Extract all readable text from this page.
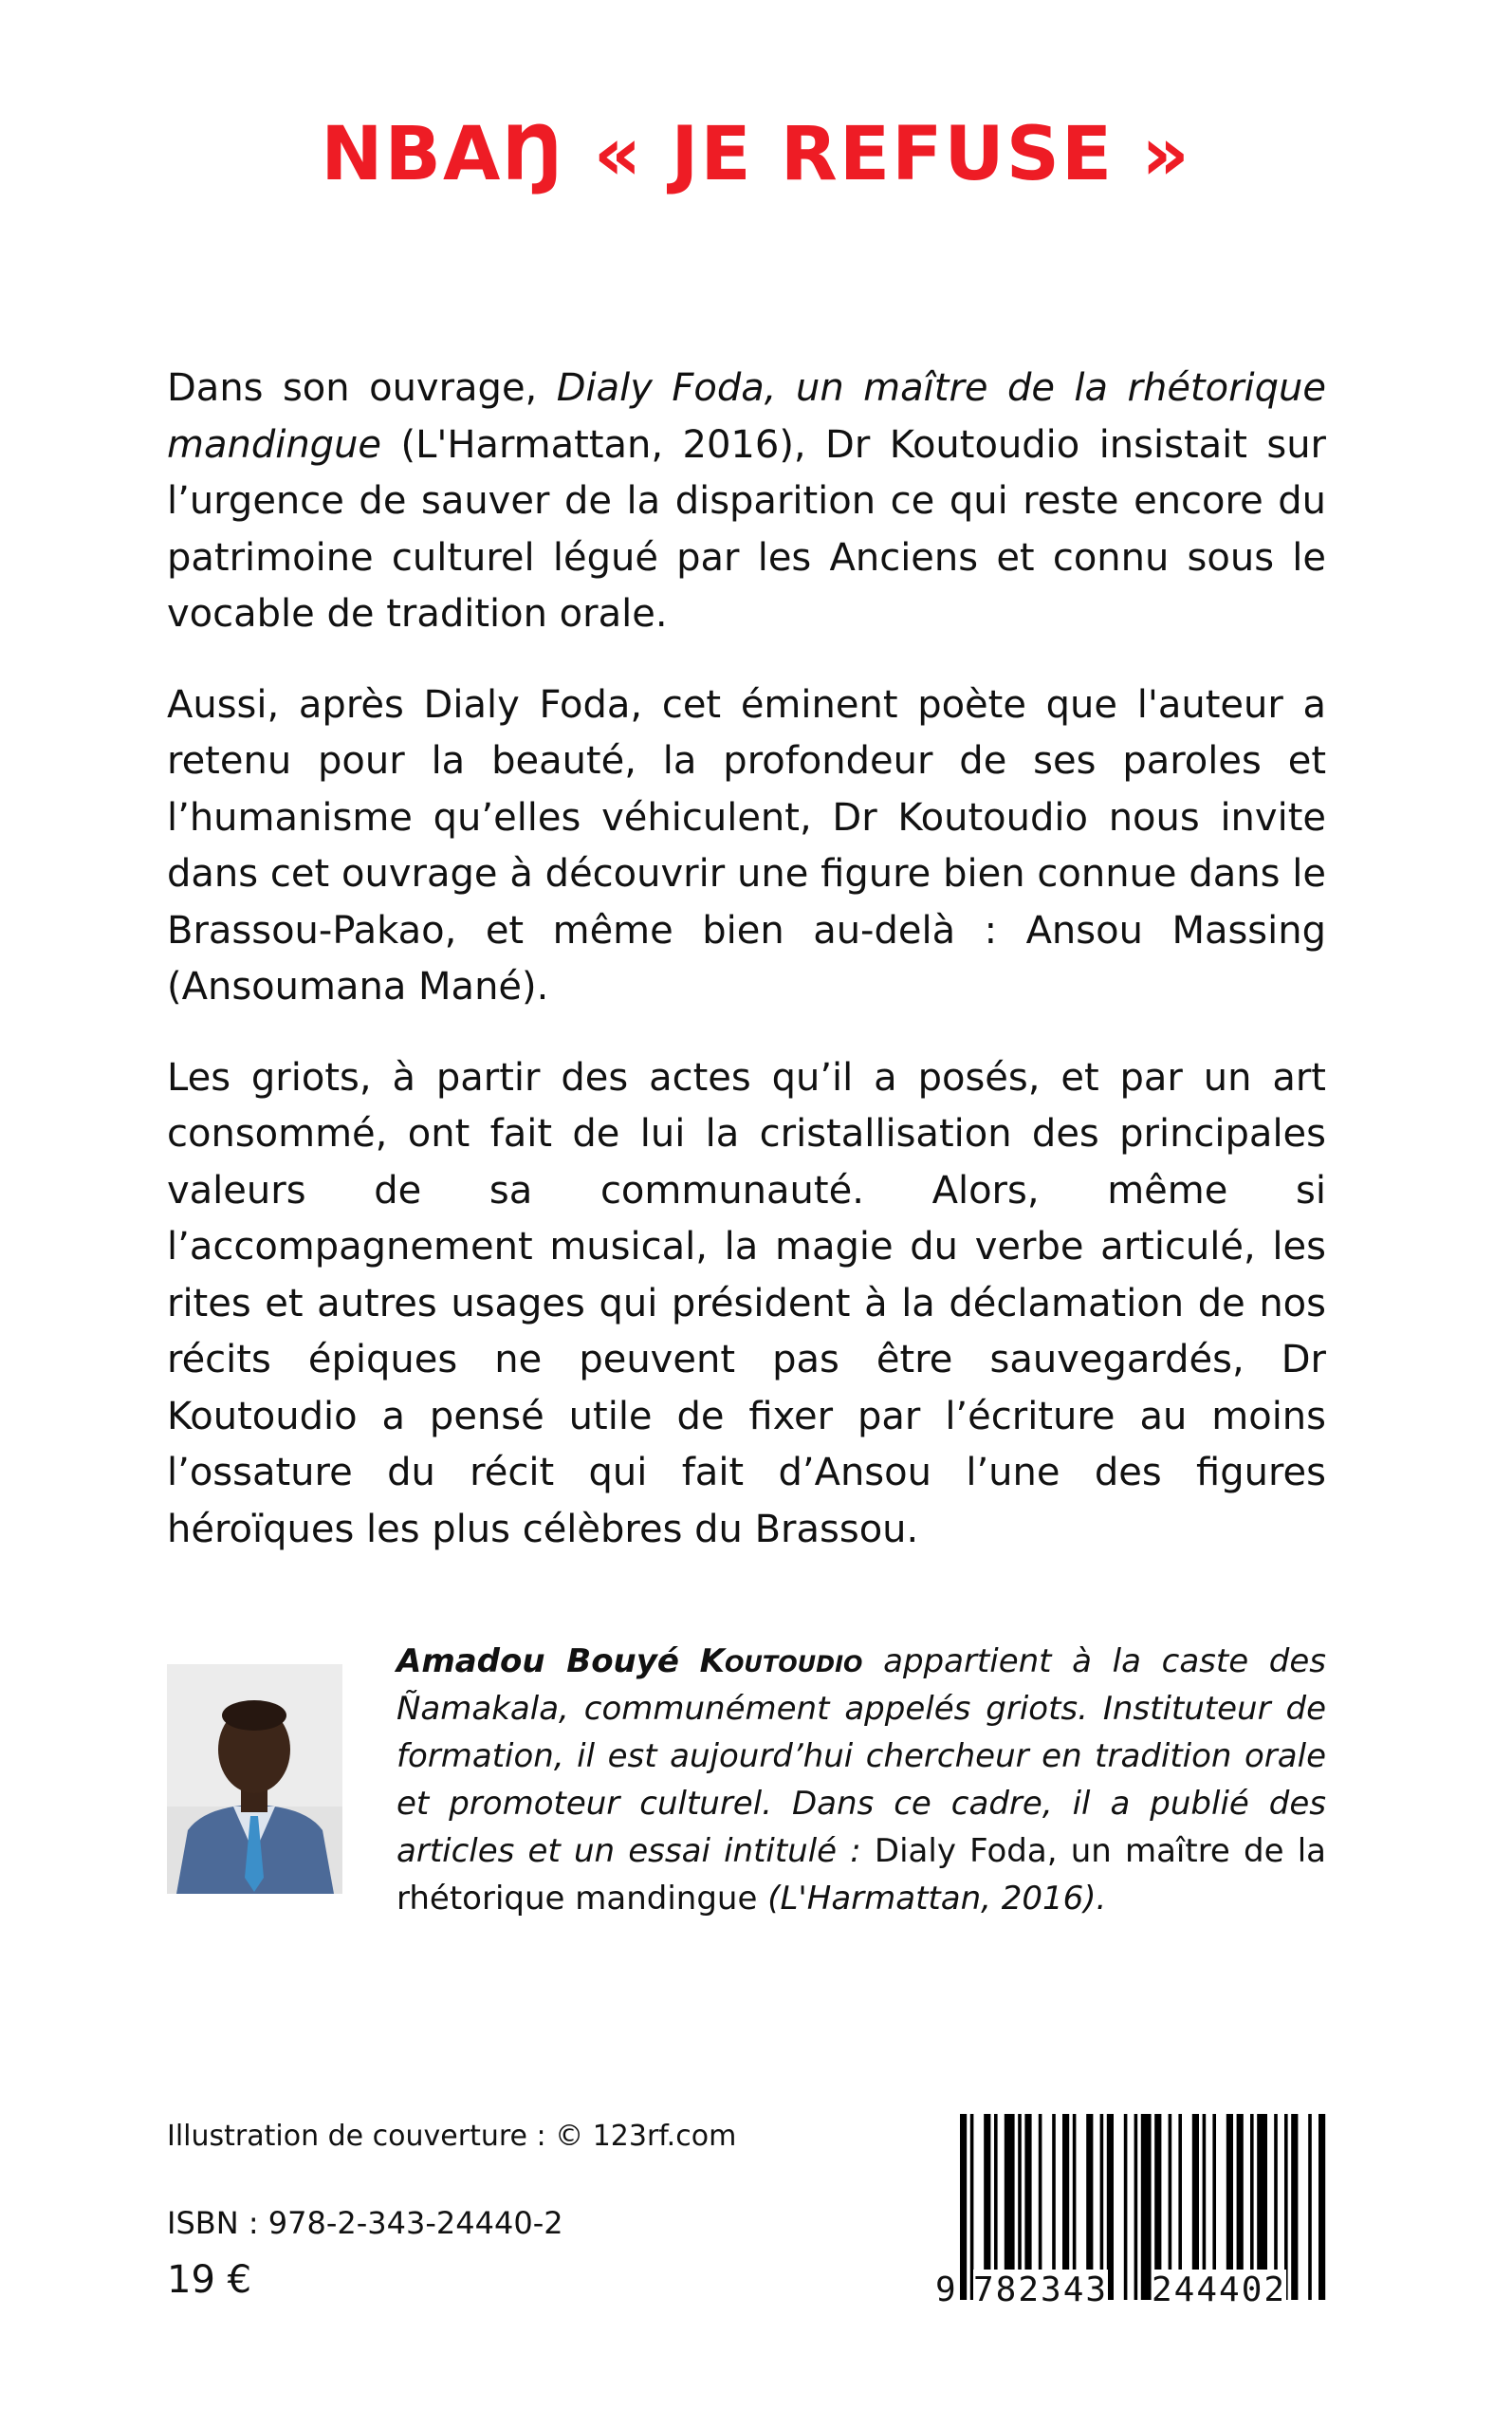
NBAŊ « JE REFUSE »

Dans son ouvrage, Dialy Foda, un maître de la rhétorique mandingue (L'Harmattan, 2016), Dr Koutoudio insistait sur l’urgence de sauver de la disparition ce qui reste encore du patrimoine culturel légué par les Anciens et connu sous le vocable de tradition orale.

Aussi, après Dialy Foda, cet éminent poète que l'auteur a retenu pour la beauté, la profondeur de ses paroles et l’humanisme qu’elles véhiculent, Dr Koutoudio nous invite dans cet ouvrage à découvrir une figure bien connue dans le Brassou-Pakao, et même bien au-delà : Ansou Massing (Ansoumana Mané).

Les griots, à partir des actes qu’il a posés, et par un art consommé, ont fait de lui la cristallisation des principales valeurs de sa communauté. Alors, même si l’accompagnement musical, la magie du verbe articulé, les rites et autres usages qui président à la déclamation de nos récits épiques ne peuvent pas être sauvegardés, Dr Koutoudio a pensé utile de fixer par l’écriture au moins l’ossature du récit qui fait d’Ansou l’une des figures héroïques les plus célèbres du Brassou.

Amadou Bouyé Koutoudio appartient à la caste des Ñamakala, communément appelés griots. Instituteur de formation, il est aujourd’hui chercheur en tradition orale et promoteur culturel. Dans ce cadre, il a publié des articles et un essai intitulé : Dialy Foda, un maître de la rhétorique mandingue (L'Harmattan, 2016).
Illustration de couverture : © 123rf.com
ISBN : 978-2-343-24440-2
19 €	9 782343 244402
